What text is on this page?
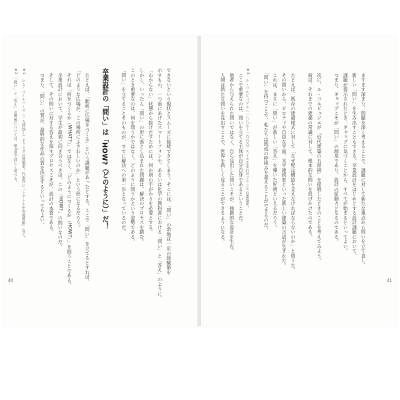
できないという現状とスムーズに接続できてしまう。そこには、「問い」の余地は一定の経験値を
示すもの、一つ前にあげたスマートフォンや、あるいは化学の教科書における「問い」と「答え」のように、
「わからない」状態から抜けだすためには、何か別の手がかりを必要とする。
しかし、いったん「問い」の形に落とし込まれた問題は、解決のプロセスを踏む。
このとき重要なのは、何を問うかではなく、どのように問うかという姿勢である。
「問い」を立てることそのものが、すでに解決への第一歩となっているのだ。
卒業設計の「問い」は「HOW?（どのように）」だ！
　たとえば、「駅前に広場をつくる」という課題があったとする。ここで「問い」を立てるとすれば、
「どのような広場が、この場所にふさわしいのか」という形になるだろう。
　それは「何をつくるか（WHAT?）」ではなく、「どのようにつくるか（HOW?）」を問うことである。
　卒業設計において、学生が最初に向き合うべきは、この「HOW?」の問いなのだ。
　そして、その問いに対する答えを探すプロセスこそが、設計の本質である。
　つまり、「問い」の質が、最終的な作品の質を決定するといってもよい。
※1　レム・コールハース（一九四四―）オランダの建築家。代表作に「シアトル中央図書館」など。
※2　「問い」と「答え」の関係については、第3章で詳しく述べる。
40
　ますます深まり、問題を深く考えることで、課題に対して新たな視点から問いを立て直し、
　新しい「問い」を生み出すこともできる。卒業設計をはじめとする設計課題において、
　課題が提示されたとき、ギャップに気づくことから、すべてが始まるといってよい。
　つまり、ギャップこそが「問い」の源泉であり、設計の原動力となるのである。
　次に、ル・コルビュジエが「近代建築の五原則」を提唱したときのことを考えてみよう。
　彼は、それまでの建築の常識に対して、根本的な問いを投げかけたのである。
　たとえば、既存の建築様式に対して「なぜ壁は構造を支えなければならないのか」と問うた。
　その問いから、ピロティや自由な平面、水平連続窓といった新しい建築の言語が生まれた。
　これは、まさに「問い」が新しい「答え」を導いた好例といえるだろう。
　「問い」を持つことで、私たちは既成の枠組みを超えることができるのだ。
※3　ル・コルビュジエ（一八八七―一九六五）スイス生まれのフランスの建築家。
　ここで重要なのは、問いを立てる主体が自分自身であるということだ。
　他者から与えられた問いではなく、自ら見出した問いこそが、独創的な設計を生む。
　人間は新たな問いを見出すことで、世界を新しく見ることができるようになる。
41
